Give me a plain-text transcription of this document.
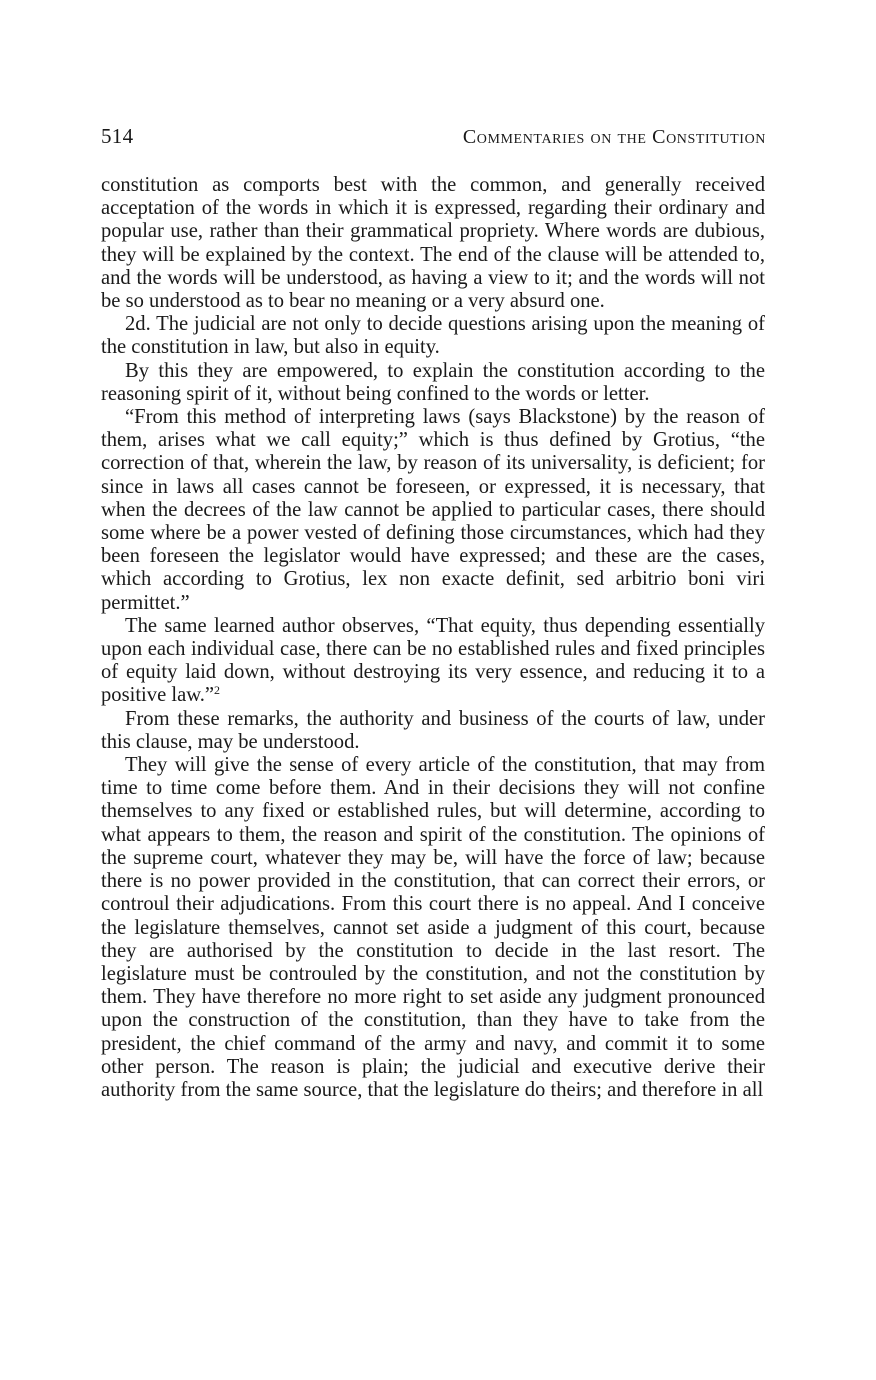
514	Commentaries on the Constitution

constitution as comports best with the common, and generally received acceptation of the words in which it is expressed, regarding their ordinary and popular use, rather than their grammatical propriety. Where words are dubious, they will be explained by the context. The end of the clause will be attended to, and the words will be understood, as having a view to it; and the words will not be so understood as to bear no meaning or a very absurd one.

2d. The judicial are not only to decide questions arising upon the meaning of the constitution in law, but also in equity.

By this they are empowered, to explain the constitution according to the reasoning spirit of it, without being confined to the words or letter.

“From this method of interpreting laws (says Blackstone) by the reason of them, arises what we call equity;” which is thus defined by Grotius, “the correction of that, wherein the law, by reason of its universality, is deficient; for since in laws all cases cannot be foreseen, or expressed, it is necessary, that when the decrees of the law cannot be applied to particular cases, there should some where be a power vested of defining those circumstances, which had they been foreseen the legislator would have expressed; and these are the cases, which according to Grotius, lex non exacte definit, sed arbitrio boni viri permittet.”

The same learned author observes, “That equity, thus depending essentially upon each individual case, there can be no established rules and fixed principles of equity laid down, without destroying its very essence, and reducing it to a positive law.”$^2$

From these remarks, the authority and business of the courts of law, under this clause, may be understood.

They will give the sense of every article of the constitution, that may from time to time come before them. And in their decisions they will not confine themselves to any fixed or established rules, but will determine, according to what appears to them, the reason and spirit of the constitution. The opinions of the supreme court, whatever they may be, will have the force of law; because there is no power provided in the constitution, that can correct their errors, or controul their adjudications. From this court there is no appeal. And I conceive the legislature themselves, cannot set aside a judgment of this court, because they are authorised by the constitution to decide in the last resort. The legislature must be controuled by the constitution, and not the constitution by them. They have therefore no more right to set aside any judgment pronounced upon the construction of the constitution, than they have to take from the president, the chief command of the army and navy, and commit it to some other person. The reason is plain; the judicial and executive derive their authority from the same source, that the legislature do theirs; and therefore in all
